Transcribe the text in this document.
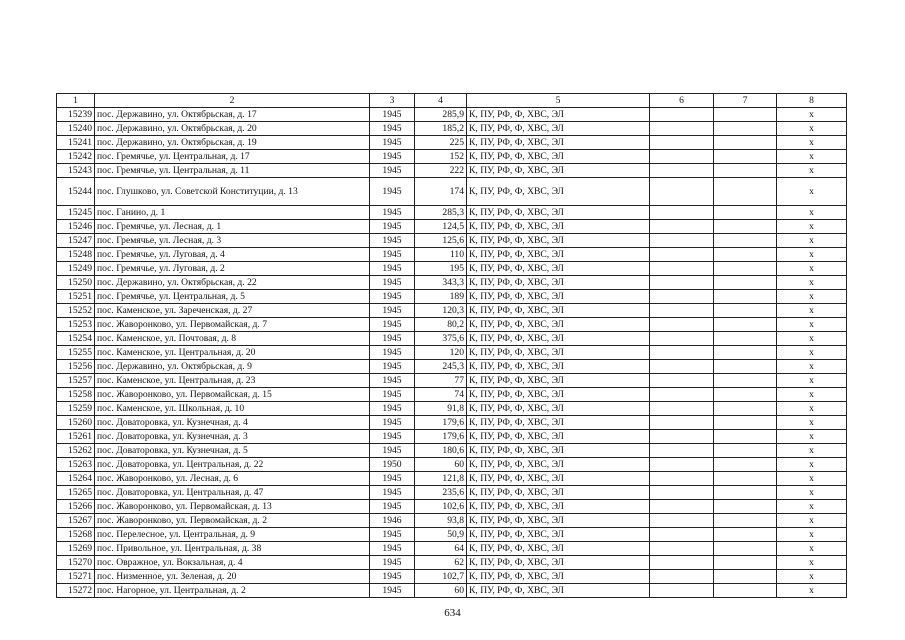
1	2	3	4	5	6	7	8
15239	пос. Державино, ул. Октябрьская, д. 17	1945	285,9	К, ПУ, РФ, Ф, ХВС, ЭЛ			х
15240	пос. Державино, ул. Октябрьская, д. 20	1945	185,2	К, ПУ, РФ, Ф, ХВС, ЭЛ			х
15241	пос. Державино, ул. Октябрьская, д. 19	1945	225	К, ПУ, РФ, Ф, ХВС, ЭЛ			х
15242	пос. Гремячье, ул. Центральная, д. 17	1945	152	К, ПУ, РФ, Ф, ХВС, ЭЛ			х
15243	пос. Гремячье, ул. Центральная, д. 11	1945	222	К, ПУ, РФ, Ф, ХВС, ЭЛ			х
15244	пос. Глушково, ул. Советской Конституции, д. 13	1945	174	К, ПУ, РФ, Ф, ХВС, ЭЛ			х
15245	пос. Ганино, д. 1	1945	285,3	К, ПУ, РФ, Ф, ХВС, ЭЛ			х
15246	пос. Гремячье, ул. Лесная, д. 1	1945	124,5	К, ПУ, РФ, Ф, ХВС, ЭЛ			х
15247	пос. Гремячье, ул. Лесная, д. 3	1945	125,6	К, ПУ, РФ, Ф, ХВС, ЭЛ			х
15248	пос. Гремячье, ул. Луговая, д. 4	1945	110	К, ПУ, РФ, Ф, ХВС, ЭЛ			х
15249	пос. Гремячье, ул. Луговая, д. 2	1945	195	К, ПУ, РФ, Ф, ХВС, ЭЛ			х
15250	пос. Державино, ул. Октябрьская, д. 22	1945	343,3	К, ПУ, РФ, Ф, ХВС, ЭЛ			х
15251	пос. Гремячье, ул. Центральная, д. 5	1945	189	К, ПУ, РФ, Ф, ХВС, ЭЛ			х
15252	пос. Каменское, ул. Зареченская, д. 27	1945	120,3	К, ПУ, РФ, Ф, ХВС, ЭЛ			х
15253	пос. Жаворонково, ул. Первомайская, д. 7	1945	80,2	К, ПУ, РФ, Ф, ХВС, ЭЛ			х
15254	пос. Каменское, ул. Почтовая, д. 8	1945	375,6	К, ПУ, РФ, Ф, ХВС, ЭЛ			х
15255	пос. Каменское, ул. Центральная, д. 20	1945	120	К, ПУ, РФ, Ф, ХВС, ЭЛ			х
15256	пос. Державино, ул. Октябрьская, д. 9	1945	245,3	К, ПУ, РФ, Ф, ХВС, ЭЛ			х
15257	пос. Каменское, ул. Центральная, д. 23	1945	77	К, ПУ, РФ, Ф, ХВС, ЭЛ			х
15258	пос. Жаворонково, ул. Первомайская, д. 15	1945	74	К, ПУ, РФ, Ф, ХВС, ЭЛ			х
15259	пос. Каменское, ул. Школьная, д. 10	1945	91,8	К, ПУ, РФ, Ф, ХВС, ЭЛ			х
15260	пос. Доваторовка, ул. Кузнечная, д. 4	1945	179,6	К, ПУ, РФ, Ф, ХВС, ЭЛ			х
15261	пос. Доваторовка, ул. Кузнечная, д. 3	1945	179,6	К, ПУ, РФ, Ф, ХВС, ЭЛ			х
15262	пос. Доваторовка, ул. Кузнечная, д. 5	1945	180,6	К, ПУ, РФ, Ф, ХВС, ЭЛ			х
15263	пос. Доваторовка, ул. Центральная, д. 22	1950	60	К, ПУ, РФ, Ф, ХВС, ЭЛ			х
15264	пос. Жаворонково, ул. Лесная, д. 6	1945	121,8	К, ПУ, РФ, Ф, ХВС, ЭЛ			х
15265	пос. Доваторовка, ул. Центральная, д. 47	1945	235,6	К, ПУ, РФ, Ф, ХВС, ЭЛ			х
15266	пос. Жаворонково, ул. Первомайская, д. 13	1945	102,6	К, ПУ, РФ, Ф, ХВС, ЭЛ			х
15267	пос. Жаворонково, ул. Первомайская, д. 2	1946	93,8	К, ПУ, РФ, Ф, ХВС, ЭЛ			х
15268	пос. Перелесное, ул. Центральная, д. 9	1945	50,9	К, ПУ, РФ, Ф, ХВС, ЭЛ			х
15269	пос. Привольное, ул. Центральная, д. 38	1945	64	К, ПУ, РФ, Ф, ХВС, ЭЛ			х
15270	пос. Овражное, ул. Вокзальная, д. 4	1945	62	К, ПУ, РФ, Ф, ХВС, ЭЛ			х
15271	пос. Низменное, ул. Зеленая, д. 20	1945	102,7	К, ПУ, РФ, Ф, ХВС, ЭЛ			х
15272	пос. Нагорное, ул. Центральная, д. 2	1945	60	К, ПУ, РФ, Ф, ХВС, ЭЛ			х
634
